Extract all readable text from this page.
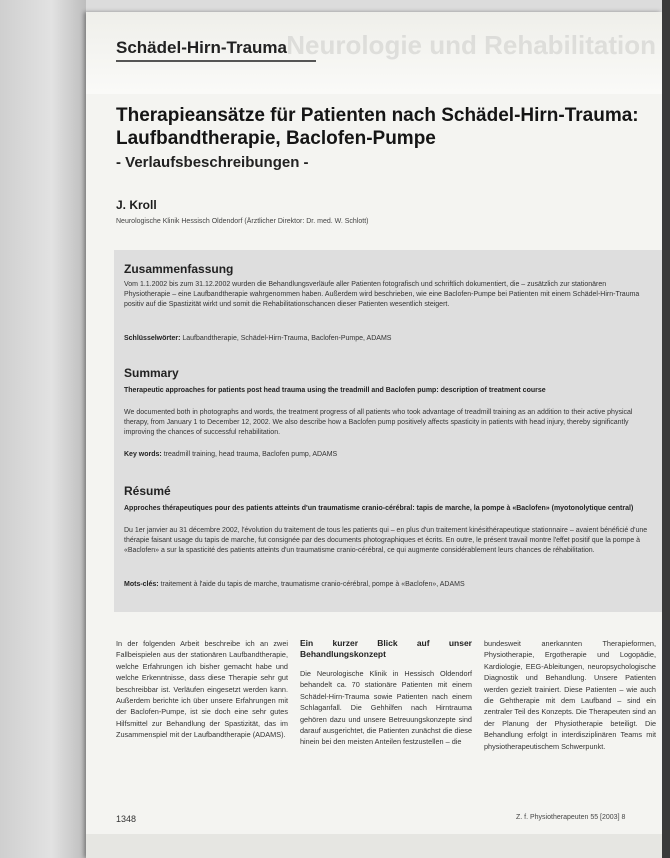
Neurologie und Rehabilitation
Schädel-Hirn-Trauma
Therapieansätze für Patienten nach Schädel-Hirn-Trauma: Laufbandtherapie, Baclofen-Pumpe
- Verlaufsbeschreibungen -
J. Kroll
Neurologische Klinik Hessisch Oldendorf (Ärztlicher Direktor: Dr. med. W. Schlott)
Zusammenfassung
Vom 1.1.2002 bis zum 31.12.2002 wurden die Behandlungsverläufe aller Patienten fotografisch und schriftlich dokumentiert, die – zusätzlich zur stationären Physiotherapie – eine Laufbandtherapie wahrgenommen haben. Außerdem wird beschrieben, wie eine Baclofen-Pumpe bei Patienten mit einem Schädel-Hirn-Trauma positiv auf die Spastizität wirkt und somit die Rehabilitationschancen dieser Patienten wesentlich steigert.
Schlüsselwörter: Laufbandtherapie, Schädel-Hirn-Trauma, Baclofen-Pumpe, ADAMS
Summary
Therapeutic approaches for patients post head trauma using the treadmill and Baclofen pump: description of treatment course
We documented both in photographs and words, the treatment progress of all patients who took advantage of treadmill training as an addition to their active physical therapy, from January 1 to December 12, 2002. We also describe how a Baclofen pump positively affects spasticity in patients with head injury, thereby significantly improving the chances of successful rehabilitation.
Key words: treadmill training, head trauma, Baclofen pump, ADAMS
Résumé
Approches thérapeutiques pour des patients atteints d'un traumatisme cranio-cérébral: tapis de marche, la pompe à «Baclofen» (myotonolytique central)
Du 1er janvier au 31 décembre 2002, l'évolution du traitement de tous les patients qui – en plus d'un traitement kinésithérapeutique stationnaire – avaient bénéficié d'une thérapie faisant usage du tapis de marche, fut consignée par des documents photographiques et écrits. En outre, le présent travail montre l'effet positif que la pompe à «Baclofen» a sur la spasticité des patients atteints d'un traumatisme cranio-cérébral, ce qui augmente considérablement leurs chances de réhabilitation.
Mots-clés: traitement à l'aide du tapis de marche, traumatisme cranio-cérébral, pompe à «Baclofen», ADAMS
In der folgenden Arbeit beschreibe ich an zwei Fallbeispielen aus der stationären Laufbandtherapie, welche Erfahrungen ich bisher gemacht habe und welche Erkenntnisse, dass diese Therapie sehr gut beschreibbar ist. Verläufen eingesetzt werden kann. Außerdem berichte ich über unsere Erfahrungen mit der Baclofen-Pumpe, ist sie doch eine sehr gutes Hilfsmittel zur Behandlung der Spastizität, das im Zusammenspiel mit der Laufbandtherapie (ADAMS).
Ein kurzer Blick auf unser Behandlungskonzept
Die Neurologische Klinik in Hessisch Oldendorf behandelt ca. 70 stationäre Patienten mit einem Schädel-Hirn-Trauma sowie Patienten nach einem Schlaganfall. Die Gehhilfen nach Hirntrauma gehören dazu und unsere Betreuungskonzepte sind darauf ausgerichtet, die Patienten zunächst die diese hinein bei den meisten Anteilen festzustellen – die
bundesweit anerkannten Therapieformen, Physiotherapie, Ergotherapie und Logopädie, Kardiologie, EEG-Ableitungen, neuropsychologische Diagnostik und Behandlung. Unsere Patienten werden gezielt trainiert. Diese Patienten – wie auch die Gehtherapie mit dem Laufband – sind ein zentraler Teil des Konzepts. Die Therapeuten sind an der Planung der Physiotherapie beteiligt. Die Behandlung erfolgt in interdisziplinären Teams mit physiotherapeutischem Schwerpunkt.
1348	Z. f. Physiotherapeuten 55 [2003] 8
